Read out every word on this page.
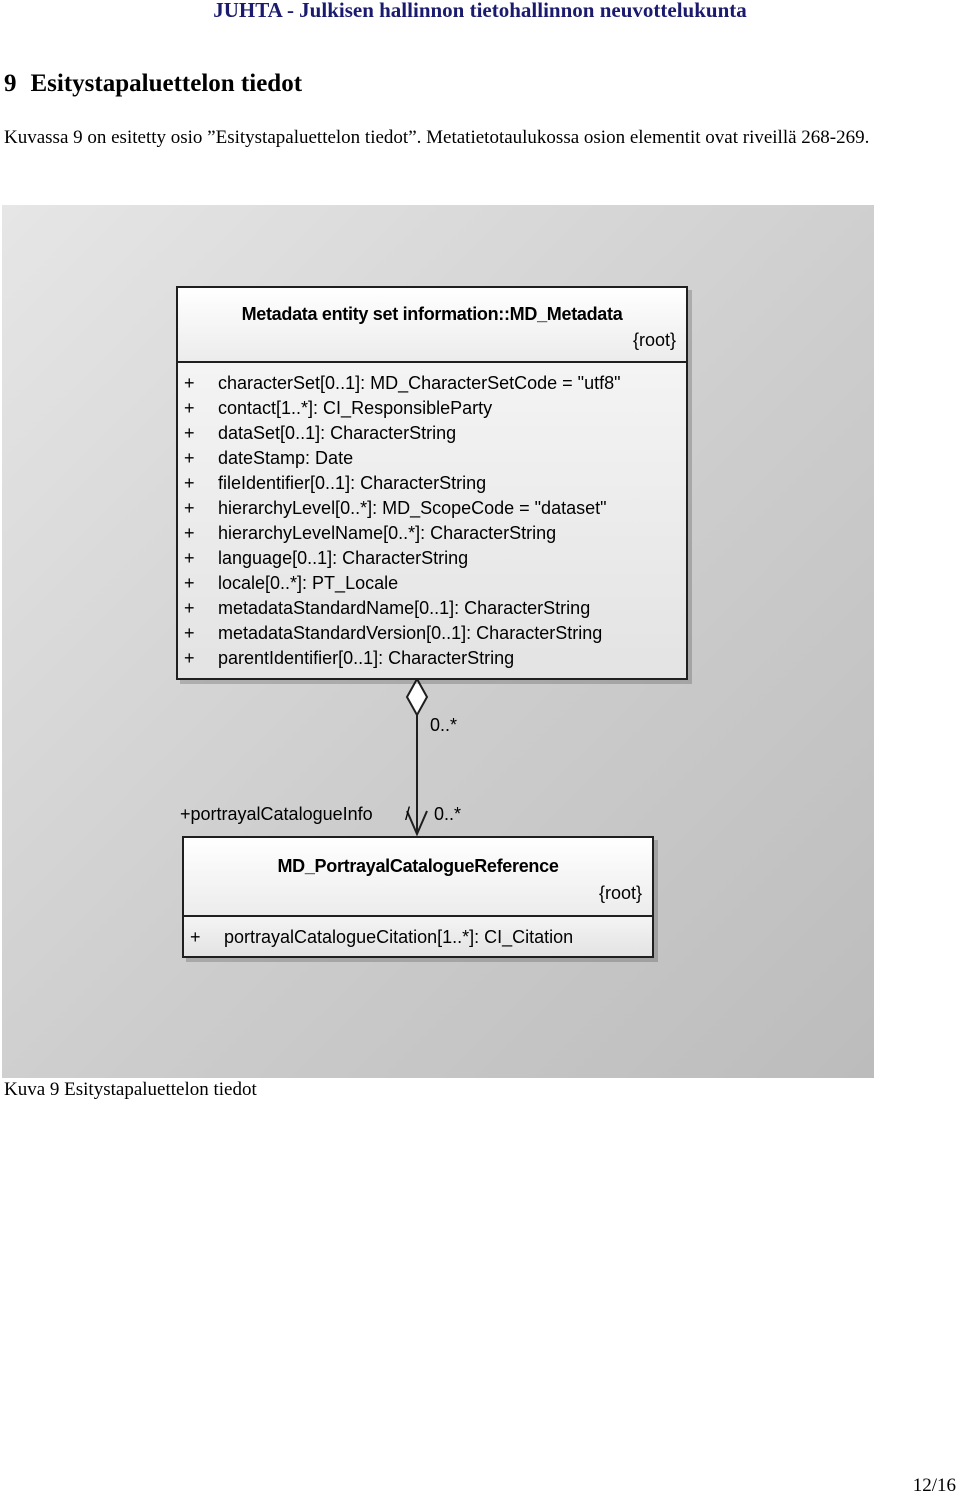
JUHTA - Julkisen hallinnon tietohallinnon neuvottelukunta
9 Esitystapaluettelon tiedot
Kuvassa 9 on esitetty osio ”Esitystapaluettelon tiedot”. Metatietotaulukossa osion elementit ovat riveillä 268-269.
Metadata entity set information::MD_Metadata
{root}
+ characterSet[0..1]: MD_CharacterSetCode = "utf8"
+ contact[1..*]: CI_ResponsibleParty
+ dataSet[0..1]: CharacterString
+ dateStamp: Date
+ fileIdentifier[0..1]: CharacterString
+ hierarchyLevel[0..*]: MD_ScopeCode = "dataset"
+ hierarchyLevelName[0..*]: CharacterString
+ language[0..1]: CharacterString
+ locale[0..*]: PT_Locale
+ metadataStandardName[0..1]: CharacterString
+ metadataStandardVersion[0..1]: CharacterString
+ parentIdentifier[0..1]: CharacterString
0..*
+portrayalCatalogueInfo / 0..*
MD_PortrayalCatalogueReference
{root}
+ portrayalCatalogueCitation[1..*]: CI_Citation
Kuva 9 Esitystapaluettelon tiedot
12/16
